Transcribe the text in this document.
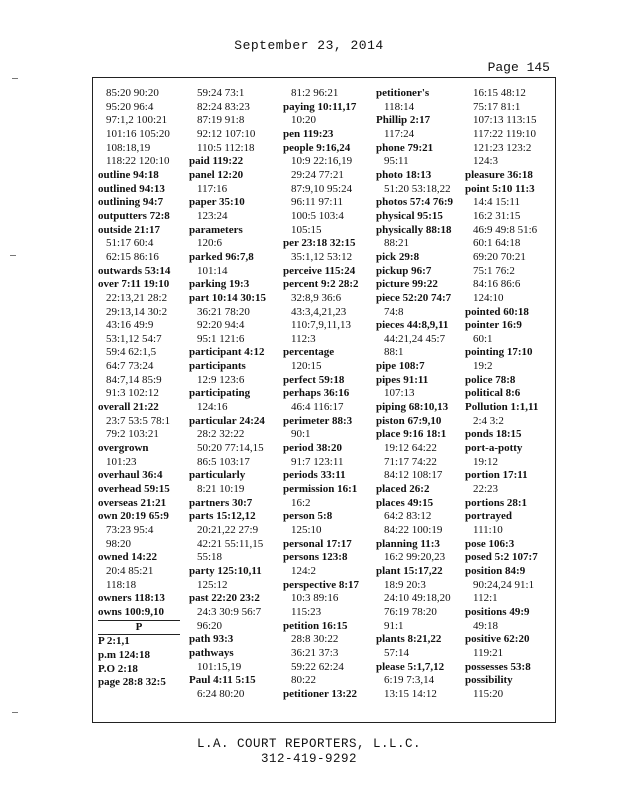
September 23, 2014
Page 145
85:20 90:20
95:20 96:4
97:1,2 100:21
101:16 105:20
108:18,19
118:22 120:10
outline 94:18
outlined 94:13
outlining 94:7
outputters 72:8
outside 21:17
51:17 60:4
62:15 86:16
outwards 53:14
over 7:11 19:10
22:13,21 28:2
29:13,14 30:2
43:16 49:9
53:1,12 54:7
59:4 62:1,5
64:7 73:24
84:7,14 85:9
91:3 102:12
overall 21:22
23:7 53:5 78:1
79:2 103:21
overgrown
101:23
overhaul 36:4
overhead 59:15
overseas 21:21
own 20:19 65:9
73:23 95:4
98:20
owned 14:22
20:4 85:21
118:18
owners 118:13
owns 100:9,10
P
P 2:1,1
p.m 124:18
P.O 2:18
page 28:8 32:5
59:24 73:1
82:24 83:23
87:19 91:8
92:12 107:10
110:5 112:18
paid 119:22
panel 12:20
117:16
paper 35:10
123:24
parameters
120:6
parked 96:7,8
101:14
parking 19:3
part 10:14 30:15
36:21 78:20
92:20 94:4
95:1 121:6
participant 4:12
participants
12:9 123:6
participating
124:16
particular 24:24
28:2 32:22
50:20 77:14,15
86:5 103:17
particularly
8:21 10:19
partners 30:7
parts 15:12,12
20:21,22 27:9
42:21 55:11,15
55:18
party 125:10,11
125:12
past 22:20 23:2
24:3 30:9 56:7
96:20
path 93:3
pathways
101:15,19
Paul 4:11 5:15
6:24 80:20
81:2 96:21
paying 10:11,17
10:20
pen 119:23
people 9:16,24
10:9 22:16,19
29:24 77:21
87:9,10 95:24
96:11 97:11
100:5 103:4
105:15
per 23:18 32:15
35:1,12 53:12
perceive 115:24
percent 9:2 28:2
32:8,9 36:6
43:3,4,21,23
110:7,9,11,13
112:3
percentage
120:15
perfect 59:18
perhaps 36:16
46:4 116:17
perimeter 88:3
90:1
period 38:20
91:7 123:11
periods 33:11
permission 16:1
16:2
person 5:8
125:10
personal 17:17
persons 123:8
124:2
perspective 8:17
10:3 89:16
115:23
petition 16:15
28:8 30:22
36:21 37:3
59:22 62:24
80:22
petitioner 13:22
petitioner's
118:14
Phillip 2:17
117:24
phone 79:21
95:11
photo 18:13
51:20 53:18,22
photos 57:4 76:9
physical 95:15
physically 88:18
88:21
pick 29:8
pickup 96:7
picture 99:22
piece 52:20 74:7
74:8
pieces 44:8,9,11
44:21,24 45:7
88:1
pipe 108:7
pipes 91:11
107:13
piping 68:10,13
piston 67:9,10
place 9:16 18:1
19:12 64:22
71:17 74:22
84:12 108:17
placed 26:2
places 49:15
64:2 83:12
84:22 100:19
planning 11:3
16:2 99:20,23
plant 15:17,22
18:9 20:3
24:10 49:18,20
76:19 78:20
91:1
plants 8:21,22
57:14
please 5:1,7,12
6:19 7:3,14
13:15 14:12
16:15 48:12
75:17 81:1
107:13 113:15
117:22 119:10
121:23 123:2
124:3
pleasure 36:18
point 5:10 11:3
14:4 15:11
16:2 31:15
46:9 49:8 51:6
60:1 64:18
69:20 70:21
75:1 76:2
84:16 86:6
124:10
pointed 60:18
pointer 16:9
60:1
pointing 17:10
19:2
police 78:8
political 8:6
Pollution 1:1,11
2:4 3:2
ponds 18:15
port-a-potty
19:12
portion 17:11
22:23
portions 28:1
portrayed
111:10
pose 106:3
posed 5:2 107:7
position 84:9
90:24,24 91:1
112:1
positions 49:9
49:18
positive 62:20
119:21
possesses 53:8
possibility
115:20
L.A. COURT REPORTERS, L.L.C.
312-419-9292
